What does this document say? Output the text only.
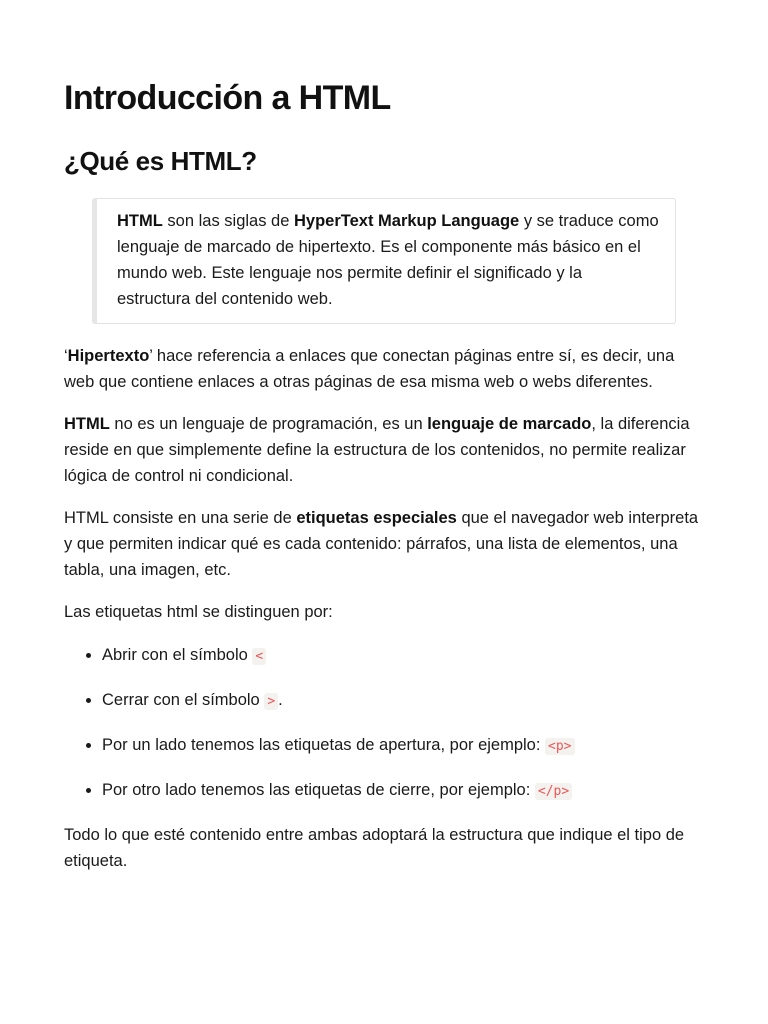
Introducción a HTML
¿Qué es HTML?
HTML son las siglas de HyperText Markup Language y se traduce como lenguaje de marcado de hipertexto. Es el componente más básico en el mundo web. Este lenguaje nos permite definir el significado y la estructura del contenido web.

‘Hipertexto’ hace referencia a enlaces que conectan páginas entre sí, es decir, una web que contiene enlaces a otras páginas de esa misma web o webs diferentes.

HTML no es un lenguaje de programación, es un lenguaje de marcado, la diferencia reside en que simplemente define la estructura de los contenidos, no permite realizar lógica de control ni condicional.

HTML consiste en una serie de etiquetas especiales que el navegador web interpreta y que permiten indicar qué es cada contenido: párrafos, una lista de elementos, una tabla, una imagen, etc.

Las etiquetas html se distinguen por:

• Abrir con el símbolo <
• Cerrar con el símbolo > .
• Por un lado tenemos las etiquetas de apertura, por ejemplo: <p>
• Por otro lado tenemos las etiquetas de cierre, por ejemplo: </p>

Todo lo que esté contenido entre ambas adoptará la estructura que indique el tipo de etiqueta.
